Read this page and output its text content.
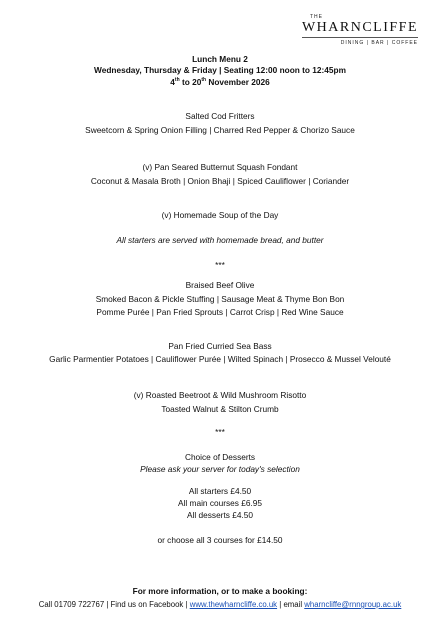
THE
WHARNCLIFFE
DINING | BAR | COFFEE
Lunch Menu 2
Wednesday, Thursday & Friday | Seating 12:00 noon to 12:45pm
4th to 20th November 2026
Salted Cod Fritters
Sweetcorn & Spring Onion Filling | Charred Red Pepper & Chorizo Sauce
(v) Pan Seared Butternut Squash Fondant
Coconut & Masala Broth | Onion Bhaji | Spiced Cauliflower | Coriander
(v) Homemade Soup of the Day
All starters are served with homemade bread, and butter
***
Braised Beef Olive
Smoked Bacon & Pickle Stuffing | Sausage Meat & Thyme Bon Bon
Pomme Purée | Pan Fried Sprouts | Carrot Crisp | Red Wine Sauce
Pan Fried Curried Sea Bass
Garlic Parmentier Potatoes | Cauliflower Purée | Wilted Spinach | Prosecco & Mussel Velouté
(v) Roasted Beetroot & Wild Mushroom Risotto
Toasted Walnut & Stilton Crumb
***
Choice of Desserts
Please ask your server for today's selection
All starters £4.50
All main courses £6.95
All desserts £4.50
or choose all 3 courses for £14.50
For more information, or to make a booking:
Call 01709 722767 | Find us on Facebook | www.thewharncliffe.co.uk | email wharncliffe@rnngroup.ac.uk
